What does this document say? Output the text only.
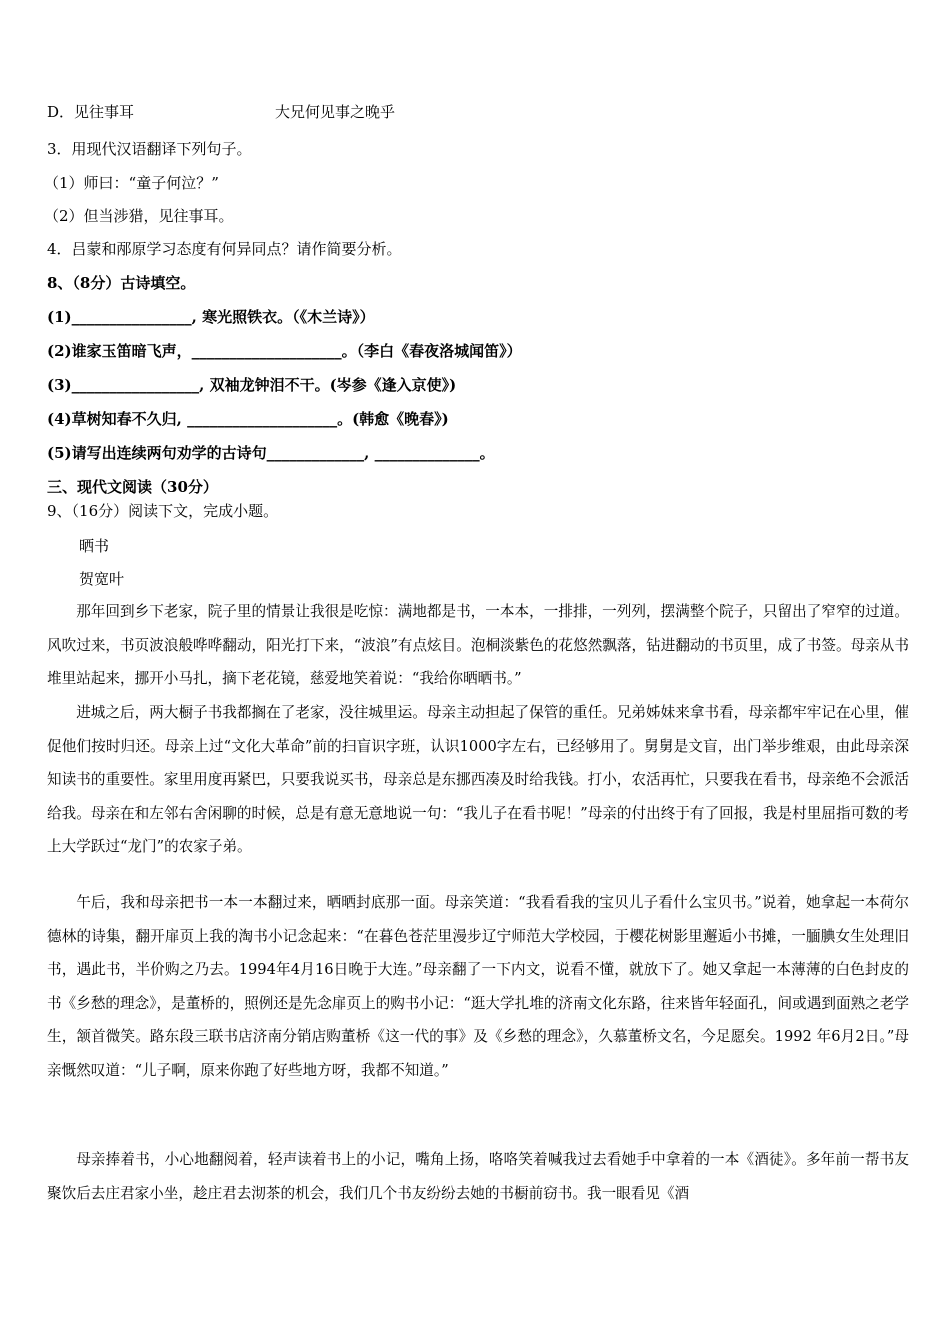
D．见往事耳	大兄何见事之晚乎
3．用现代汉语翻译下列句子。
（1）师曰：“童子何泣？”
（2）但当涉猎，见往事耳。
4．吕蒙和邴原学习态度有何异同点？请作简要分析。
8、（8分）古诗填空。
(1)________________, 寒光照铁衣。（《木兰诗》）
(2)谁家玉笛暗飞声，____________________。（李白《春夜洛城闻笛》）
(3)_________________, 双袖龙钟泪不干。(岑参《逢入京使》)
(4)草树知春不久归, ____________________。(韩愈《晚春》)
(5)请写出连续两句劝学的古诗句_____________, ______________。
三、现代文阅读（30分）
9、（16分）阅读下文，完成小题。
晒书
贺宽叶
那年回到乡下老家，院子里的情景让我很是吃惊：满地都是书，一本本，一排排，一列列，摆满整个院子，只留出了窄窄的过道。风吹过来，书页波浪般哗哗翻动，阳光打下来，“波浪”有点炫目。泡桐淡紫色的花悠然飘落，钻进翻动的书页里，成了书签。母亲从书堆里站起来，挪开小马扎，摘下老花镜，慈爱地笑着说：“我给你晒晒书。”
进城之后，两大橱子书我都搁在了老家，没往城里运。母亲主动担起了保管的重任。兄弟姊妹来拿书看，母亲都牢牢记在心里，催促他们按时归还。母亲上过“文化大革命”前的扫盲识字班，认识1000字左右，已经够用了。舅舅是文盲，出门举步维艰，由此母亲深知读书的重要性。家里用度再紧巴，只要我说买书，母亲总是东挪西凑及时给我钱。打小，农活再忙，只要我在看书，母亲绝不会派活给我。母亲在和左邻右舍闲聊的时候，总是有意无意地说一句：“我儿子在看书呢！”母亲的付出终于有了回报，我是村里屈指可数的考上大学跃过“龙门”的农家子弟。
午后，我和母亲把书一本一本翻过来，晒晒封底那一面。母亲笑道：“我看看我的宝贝儿子看什么宝贝书。”说着，她拿起一本荷尔德林的诗集，翻开扉页上我的淘书小记念起来：“在暮色苍茫里漫步辽宁师范大学校园，于樱花树影里邂逅小书摊，一腼腆女生处理旧书，遇此书，半价购之乃去。1994年4月16日晚于大连。”母亲翻了一下内文，说看不懂，就放下了。她又拿起一本薄薄的白色封皮的书《乡愁的理念》，是董桥的，照例还是先念扉页上的购书小记：“逛大学扎堆的济南文化东路，往来皆年轻面孔，间或遇到面熟之老学生，颔首微笑。路东段三联书店济南分销店购董桥《这一代的事》及《乡愁的理念》，久慕董桥文名，今足愿矣。1992 年6月2日。”母亲慨然叹道：“儿子啊，原来你跑了好些地方呀，我都不知道。”
母亲捧着书，小心地翻阅着，轻声读着书上的小记，嘴角上扬，咯咯笑着喊我过去看她手中拿着的一本《酒徒》。多年前一帮书友聚饮后去庄君家小坐，趁庄君去沏茶的机会，我们几个书友纷纷去她的书橱前窃书。我一眼看见《酒
